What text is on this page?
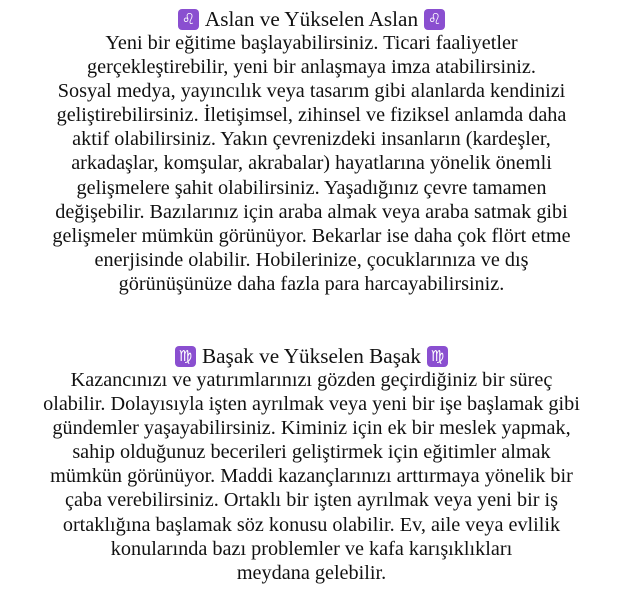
♌ Aslan ve Yükselen Aslan ♌
Yeni bir eğitime başlayabilirsiniz. Ticari faaliyetler
gerçekleştirebilir, yeni bir anlaşmaya imza atabilirsiniz.
Sosyal medya, yayıncılık veya tasarım gibi alanlarda kendinizi
geliştirebilirsiniz. İletişimsel, zihinsel ve fiziksel anlamda daha
aktif olabilirsiniz. Yakın çevrenizdeki insanların (kardeşler,
arkadaşlar, komşular, akrabalar) hayatlarına yönelik önemli
gelişmelere şahit olabilirsiniz. Yaşadığınız çevre tamamen
değişebilir. Bazılarınız için araba almak veya araba satmak gibi
gelişmeler mümkün görünüyor. Bekarlar ise daha çok flört etme
enerjisinde olabilir. Hobilerinize, çocuklarınıza ve dış
görünüşünüze daha fazla para harcayabilirsiniz.
♍ Başak ve Yükselen Başak ♍
Kazancınızı ve yatırımlarınızı gözden geçirdiğiniz bir süreç
olabilir. Dolayısıyla işten ayrılmak veya yeni bir işe başlamak gibi
gündemler yaşayabilirsiniz. Kiminiz için ek bir meslek yapmak,
sahip olduğunuz becerileri geliştirmek için eğitimler almak
mümkün görünüyor. Maddi kazançlarınızı arttırmaya yönelik bir
çaba verebilirsiniz. Ortaklı bir işten ayrılmak veya yeni bir iş
ortaklığına başlamak söz konusu olabilir. Ev, aile veya evlilik
konularında bazı problemler ve kafa karışıklıkları
meydana gelebilir.
